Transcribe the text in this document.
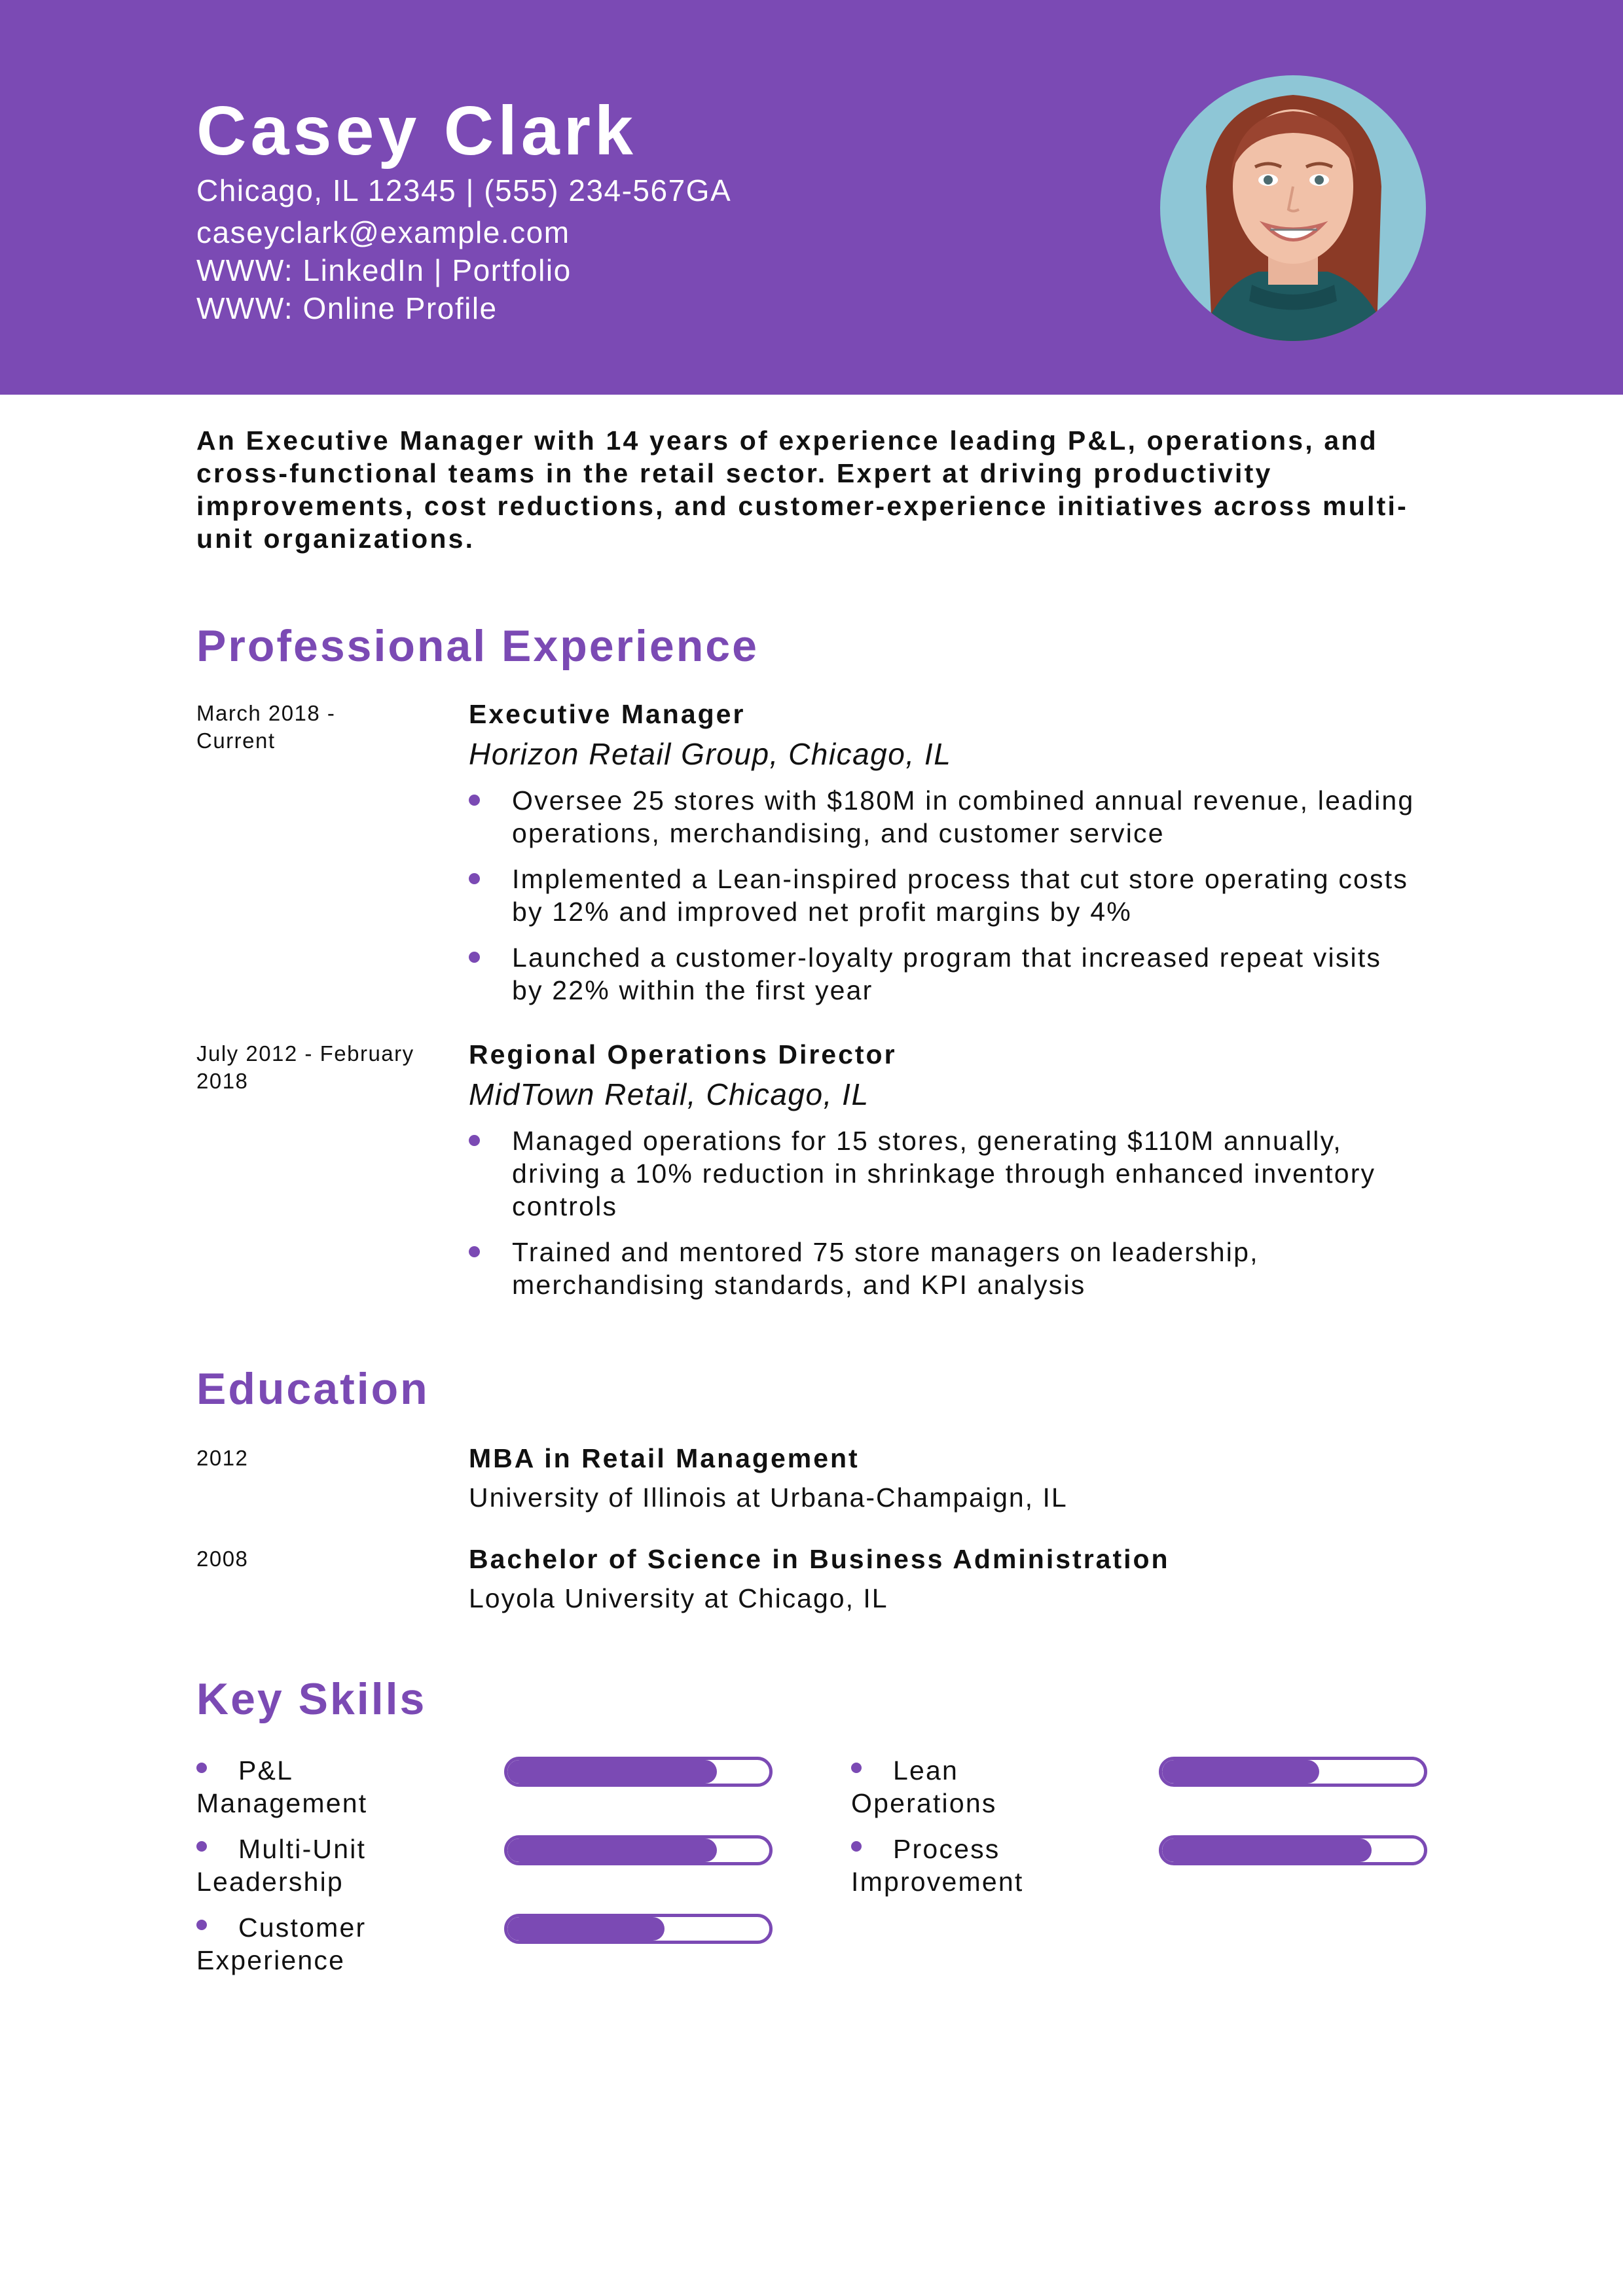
Casey Clark
Chicago, IL 12345 | (555) 234-567GA
caseyclark@example.com
WWW: LinkedIn | Portfolio
WWW: Online Profile

An Executive Manager with 14 years of experience leading P&L, operations, and cross-functional teams in the retail sector. Expert at driving productivity improvements, cost reductions, and customer-experience initiatives across multi-unit organizations.

Professional Experience
March 2018 - Current
Executive Manager
Horizon Retail Group, Chicago, IL
Oversee 25 stores with $180M in combined annual revenue, leading operations, merchandising, and customer service
Implemented a Lean-inspired process that cut store operating costs by 12% and improved net profit margins by 4%
Launched a customer-loyalty program that increased repeat visits by 22% within the first year
July 2012 - February 2018
Regional Operations Director
MidTown Retail, Chicago, IL
Managed operations for 15 stores, generating $110M annually, driving a 10% reduction in shrinkage through enhanced inventory controls
Trained and mentored 75 store managers on leadership, merchandising standards, and KPI analysis
Education
2012	MBA in Retail Management
University of Illinois at Urbana-Champaign, IL
2008	Bachelor of Science in Business Administration
Loyola University at Chicago, IL
Key Skills
P&L Management
Lean Operations
Multi-Unit Leadership
Process Improvement
Customer Experience
